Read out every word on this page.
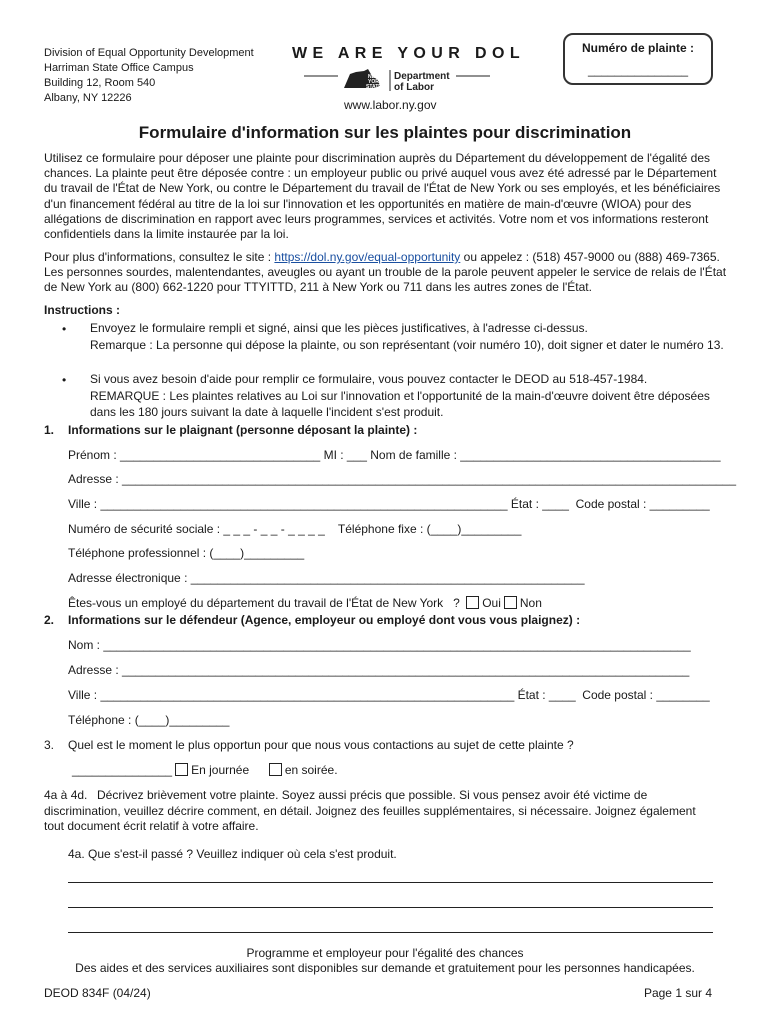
Division of Equal Opportunity Development
Harriman State Office Campus
Building 12, Room 540
Albany, NY 12226
WE ARE YOUR DOL
NEW
YORK
STATE
Department
of Labor
www.labor.ny.gov
Numéro de plainte :
_______________
Formulaire d'information sur les plaintes pour discrimination
Utilisez ce formulaire pour déposer une plainte pour discrimination auprès du Département du développement de l'égalité des chances. La plainte peut être déposée contre : un employeur public ou privé auquel vous avez été adressé par le Département du travail de l'État de New York, ou contre le Département du travail de l'État de New York ou ses employés, et les bénéficiaires d'un financement fédéral au titre de la loi sur l'innovation et les opportunités en matière de main-d'œuvre (WIOA) pour des allégations de discrimination en rapport avec leurs programmes, services et activités. Votre nom et vos informations resteront confidentiels dans la limite instaurée par la loi.
Pour plus d'informations, consultez le site : https://dol.ny.gov/equal-opportunity ou appelez : (518) 457-9000 ou (888) 469-7365. Les personnes sourdes, malentendantes, aveugles ou ayant un trouble de la parole peuvent appeler le service de relais de l'État de New York au (800) 662-1220 pour TTYITTD, 211 à New York ou 711 dans les autres zones de l'État.
Instructions :
• Envoyez le formulaire rempli et signé, ainsi que les pièces justificatives, à l'adresse ci-dessus.
Remarque : La personne qui dépose la plainte, ou son représentant (voir numéro 10), doit signer et dater le numéro 13.
• Si vous avez besoin d'aide pour remplir ce formulaire, vous pouvez contacter le DEOD au 518-457-1984.
REMARQUE : Les plaintes relatives au Loi sur l'innovation et l'opportunité de la main-d'œuvre doivent être déposées dans les 180 jours suivant la date à laquelle l'incident s'est produit.
1. Informations sur le plaignant (personne déposant la plainte) :
Prénom : ______________________________ MI : ___ Nom de famille : _______________________________________
Adresse : ____________________________________________________________________________________________
Ville : _____________________________________________________________ État : ____  Code postal : _________
Numéro de sécurité sociale : _ _ _ - _ _ - _ _ _ _    Téléphone fixe : (____)_________
Téléphone professionnel : (____)_________
Adresse électronique : ___________________________________________________________
Êtes-vous un employé du département du travail de l'État de New York   ? Oui Non
2. Informations sur le défendeur (Agence, employeur ou employé dont vous vous plaignez) :
Nom : ________________________________________________________________________________________
Adresse : _____________________________________________________________________________________
Ville : ______________________________________________________________ État : ____  Code postal : ________
Téléphone : (____)_________
3. Quel est le moment le plus opportun pour que nous vous contactions au sujet de cette plainte ?
_______________ En journée	en soirée.
4a à 4d. Décrivez brièvement votre plainte. Soyez aussi précis que possible. Si vous pensez avoir été victime de discrimination, veuillez décrire comment, en détail. Joignez des feuilles supplémentaires, si nécessaire. Joignez également tout document écrit relatif à votre affaire.
4a. Que s'est-il passé ? Veuillez indiquer où cela s'est produit.
Programme et employeur pour l'égalité des chances
Des aides et des services auxiliaires sont disponibles sur demande et gratuitement pour les personnes handicapées.
DEOD 834F (04/24)	Page 1 sur 4
